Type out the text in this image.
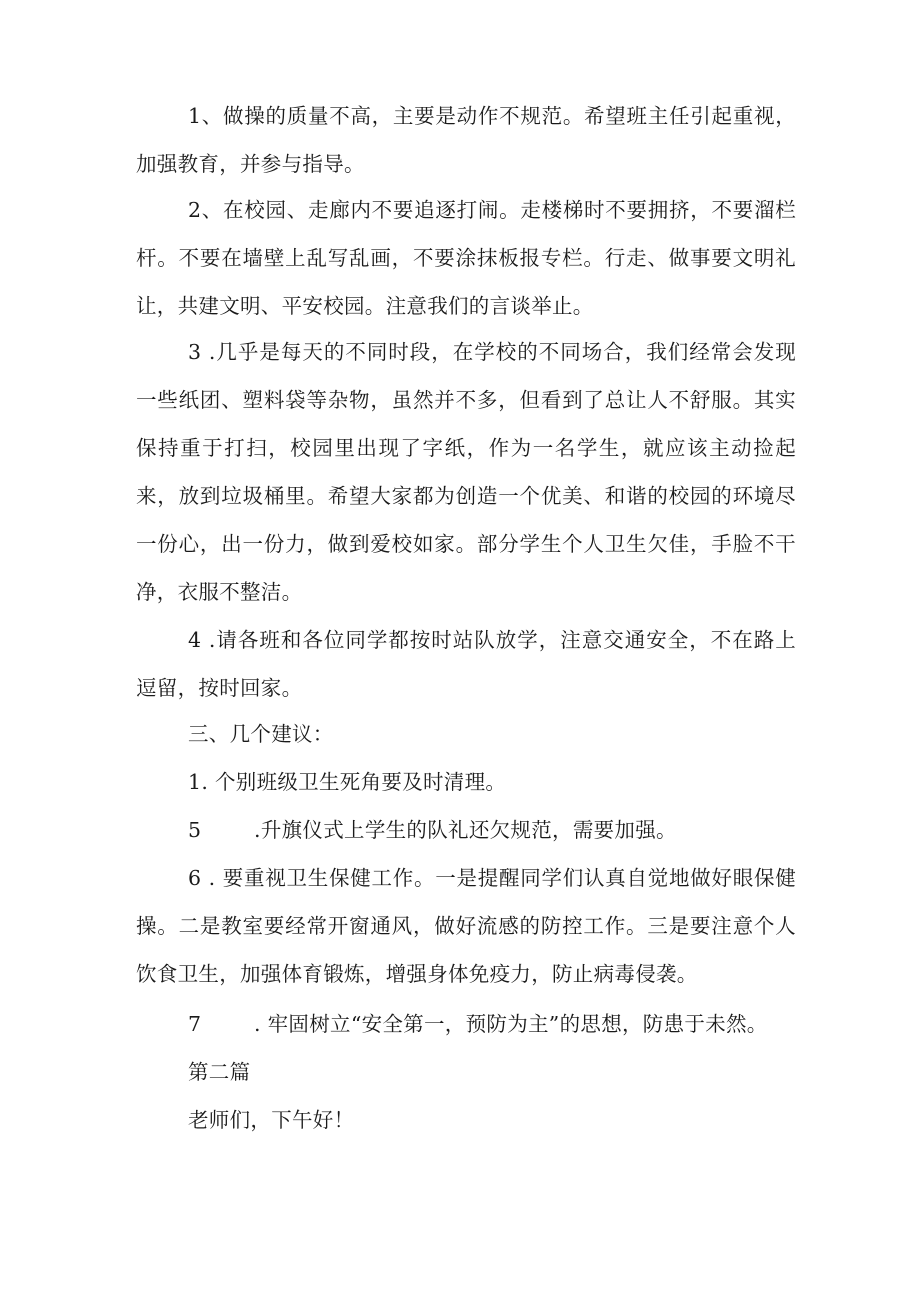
1、做操的质量不高，主要是动作不规范。希望班主任引起重视，加强教育，并参与指导。

2、在校园、走廊内不要追逐打闹。走楼梯时不要拥挤，不要溜栏杆。不要在墙壁上乱写乱画，不要涂抹板报专栏。行走、做事要文明礼让，共建文明、平安校园。注意我们的言谈举止。

3 .几乎是每天的不同时段，在学校的不同场合，我们经常会发现一些纸团、塑料袋等杂物，虽然并不多，但看到了总让人不舒服。其实保持重于打扫，校园里出现了字纸，作为一名学生，就应该主动捡起来，放到垃圾桶里。希望大家都为创造一个优美、和谐的校园的环境尽一份心，出一份力，做到爱校如家。部分学生个人卫生欠佳，手脸不干净，衣服不整洁。

4 .请各班和各位同学都按时站队放学，注意交通安全，不在路上逗留，按时回家。

三、几个建议：

1. 个别班级卫生死角要及时清理。

5	.升旗仪式上学生的队礼还欠规范，需要加强。

6 . 要重视卫生保健工作。一是提醒同学们认真自觉地做好眼保健操。二是教室要经常开窗通风，做好流感的防控工作。三是要注意个人饮食卫生，加强体育锻炼，增强身体免疫力，防止病毒侵袭。

7	. 牢固树立“安全第一，预防为主”的思想，防患于未然。

第二篇

老师们，下午好！
